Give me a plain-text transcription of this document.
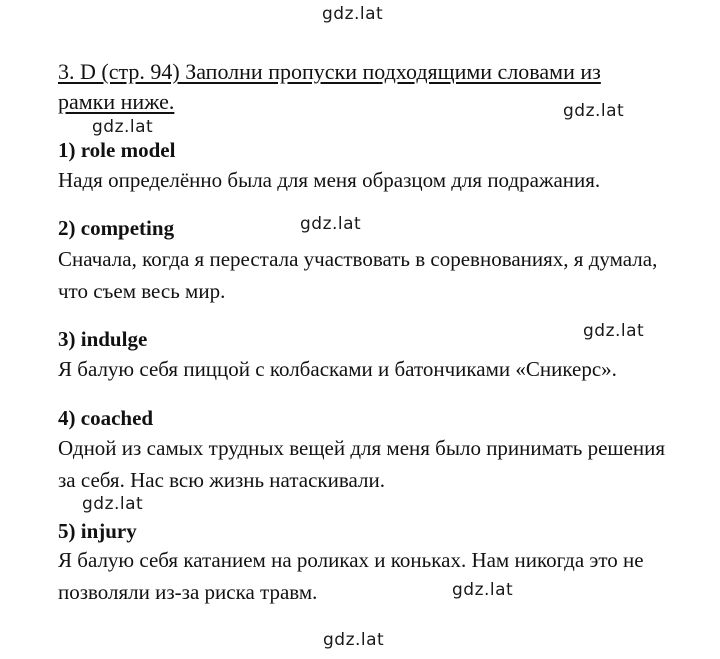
gdz.lat
gdz.lat
gdz.lat
gdz.lat
gdz.lat
gdz.lat
gdz.lat
gdz.lat
3. D (стр. 94) Заполни пропуски подходящими словами из рамки ниже.
1) role model
Надя определённо была для меня образцом для подражания.
2) competing
Сначала, когда я перестала участвовать в соревнованиях, я думала, что съем весь мир.
3) indulge
Я балую себя пиццой с колбасками и батончиками «Сникерс».
4) coached
Одной из самых трудных вещей для меня было принимать решения за себя. Нас всю жизнь натаскивали.
5) injury
Я балую себя катанием на роликах и коньках. Нам никогда это не позволяли из-за риска травм.
